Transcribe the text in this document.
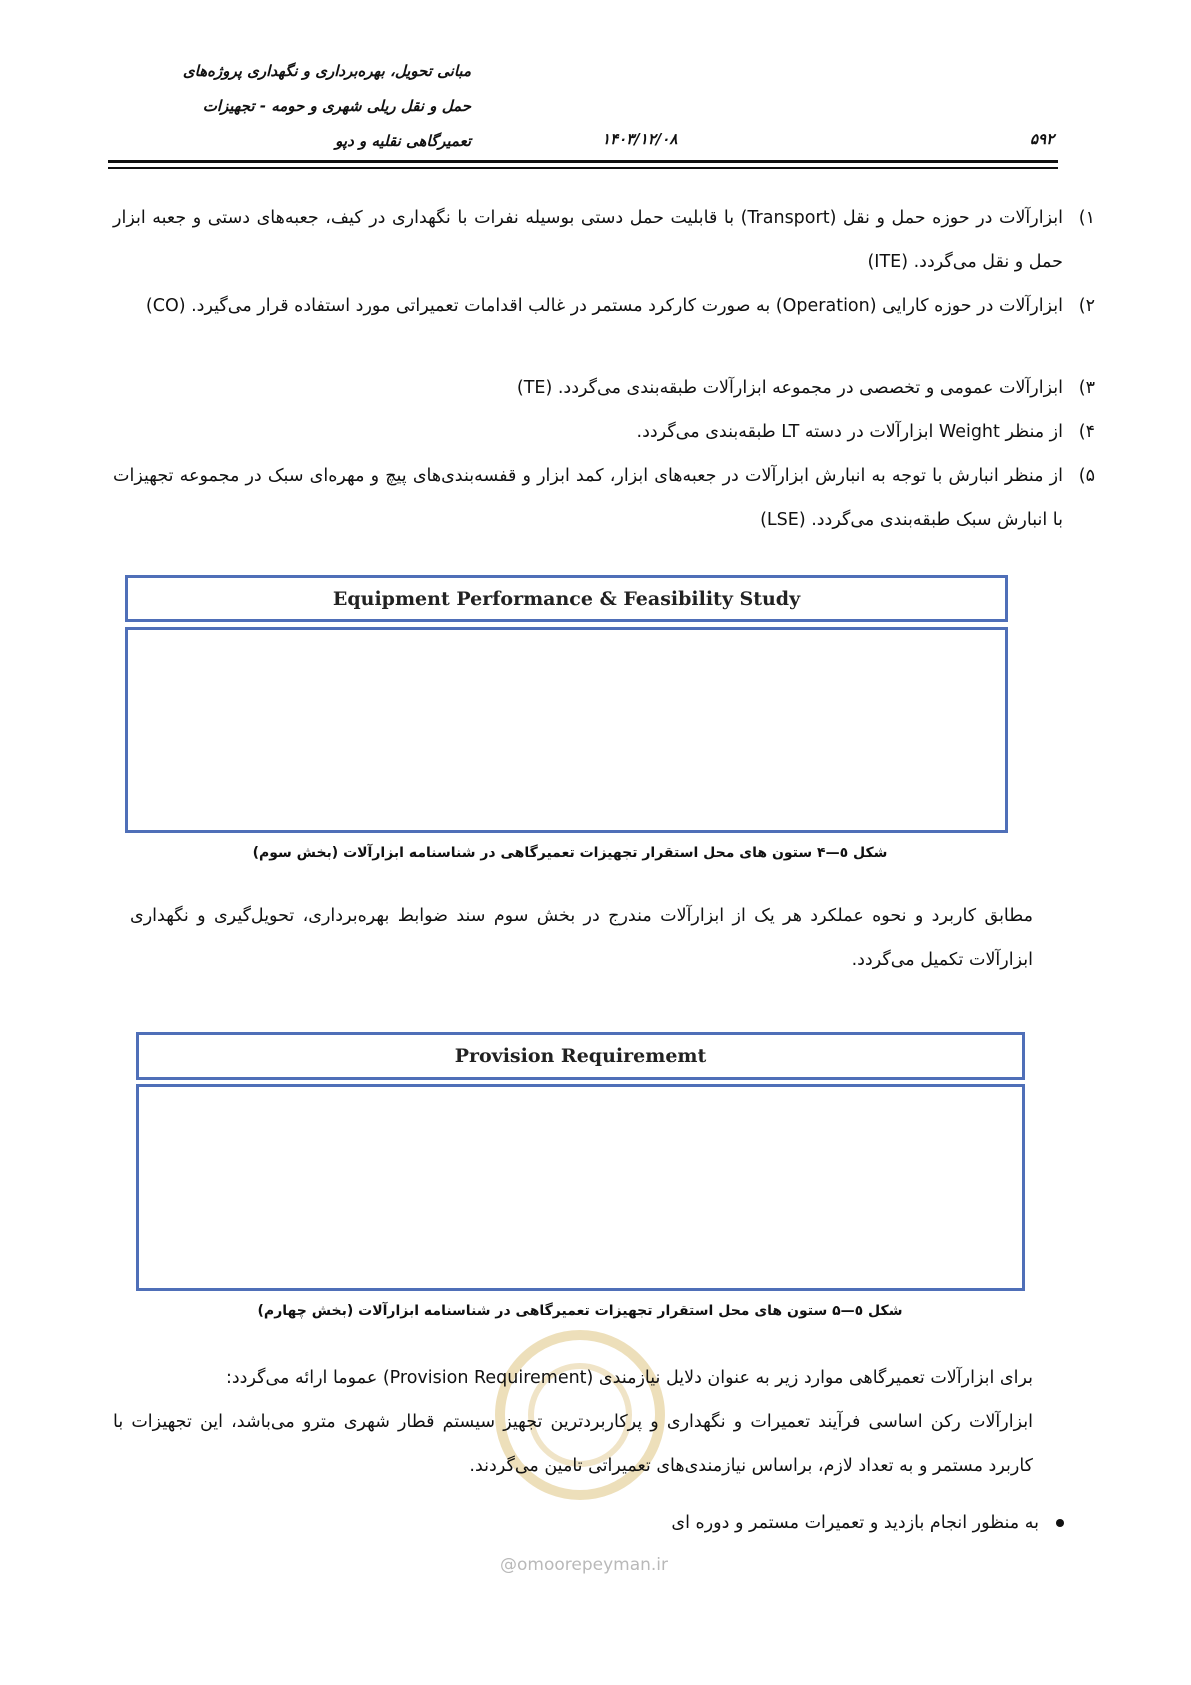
مبانی تحویل، بهره‌برداری و نگهداری پروژه‌های
حمل و نقل ریلی شهری و حومه - تجهیزات
تعمیرگاهی نقلیه و دپو	۱۴۰۳/۱۲/۰۸	۵۹۲
۱)
ابزارآلات در حوزه حمل و نقل (Transport) با قابلیت حمل دستی بوسیله نفرات با نگهداری در کیف، جعبه‌های دستی و جعبه ابزار حمل و نقل می‌گردد. (ITE)
۲)
ابزارآلات در حوزه کارایی (Operation) به صورت کارکرد مستمر در غالب اقدامات تعمیراتی مورد استفاده قرار می‌گیرد. (CO)
۳)
ابزارآلات عمومی و تخصصی در مجموعه ابزارآلات طبقه‌بندی می‌گردد. (TE)
۴)
از منظر Weight ابزارآلات در دسته LT طبقه‌بندی می‌گردد.
۵)
از منظر انبارش با توجه به انبارش ابزارآلات در جعبه‌های ابزار، کمد ابزار و قفسه‌بندی‌های پیچ و مهره‌ای سبک در مجموعه تجهیزات با انبارش سبک طبقه‌بندی می‌گردد. (LSE)
Equipment Performance & Feasibility Study
شکل ٥—۴ ستون های محل استقرار تجهیزات تعمیرگاهی در شناسنامه ابزارآلات (بخش سوم)
مطابق کاربرد و نحوه عملکرد هر یک از ابزارآلات مندرج در بخش سوم سند ضوابط بهره‌برداری، تحویل‌گیری و نگهداری ابزارآلات تکمیل می‌گردد.
Provision Requirememt
شکل ٥—۵ ستون های محل استقرار تجهیزات تعمیرگاهی در شناسنامه ابزارآلات (بخش چهارم)
برای ابزارآلات تعمیرگاهی موارد زیر به عنوان دلایل نیازمندی (Provision Requirement) عموما ارائه می‌گردد:
ابزارآلات رکن اساسی فرآیند تعمیرات و نگهداری و پرکاربردترین تجهیز سیستم قطار شهری مترو می‌باشد، این تجهیزات با کاربرد مستمر و به تعداد لازم، براساس نیازمندی‌های تعمیراتی تامین می‌گردند.
به منظور انجام بازدید و تعمیرات مستمر و دوره ای
@omoorepeyman.ir
